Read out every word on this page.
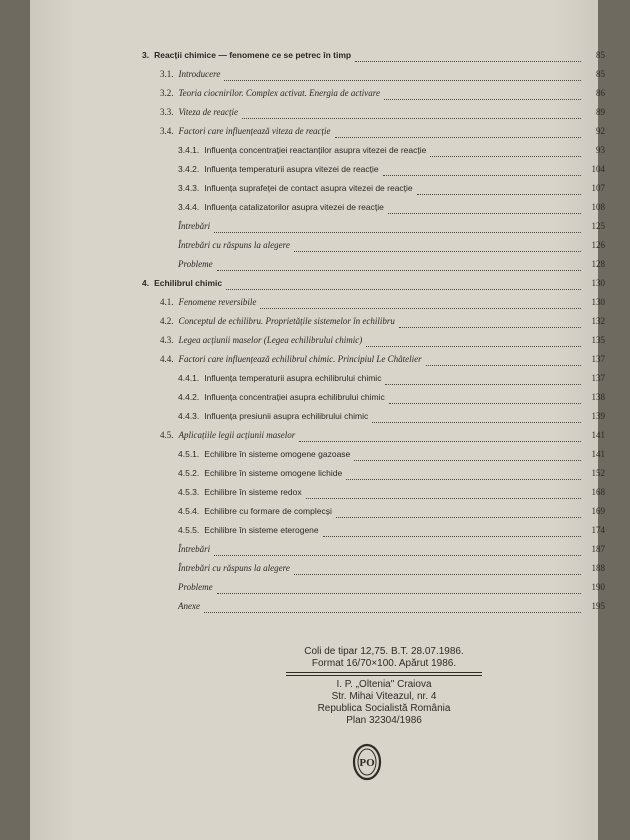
3. Reacții chimice — fenomene ce se petrec în timp	85
3.1. Introducere	85
3.2. Teoria ciocnirilor. Complex activat. Energia de activare	86
3.3. Viteza de reacție	89
3.4. Factori care influențează viteza de reacție	92
3.4.1. Influența concentrației reactanților asupra vitezei de reacție	93
3.4.2. Influența temperaturii asupra vitezei de reacție	104
3.4.3. Influența suprafeței de contact asupra vitezei de reacție	107
3.4.4. Influența catalizatorilor asupra vitezei de reacție	108
Întrebări	125
Întrebări cu răspuns la alegere	126
Probleme	128
4. Echilibrul chimic	130
4.1. Fenomene reversibile	130
4.2. Conceptul de echilibru. Proprietățile sistemelor în echilibru	132
4.3. Legea acțiunii maselor (Legea echilibrului chimic)	135
4.4. Factori care influențează echilibrul chimic. Principiul Le Châtelier	137
4.4.1. Influența temperaturii asupra echilibrului chimic	137
4.4.2. Influența concentrației asupra echilibrului chimic	138
4.4.3. Influența presiunii asupra echilibrului chimic	139
4.5. Aplicațiile legii acțiunii maselor	141
4.5.1. Echilibre în sisteme omogene gazoase	141
4.5.2. Echilibre în sisteme omogene lichide	152
4.5.3. Echilibre în sisteme redox	168
4.5.4. Echilibre cu formare de complecși	169
4.5.5. Echilibre în sisteme eterogene	174
Întrebări	187
Întrebări cu răspuns la alegere	188
Probleme	190
Anexe	195
Coli de tipar 12,75. B.T. 28.07.1986.
Format 16/70×100. Apărut 1986.
I. P. „Oltenia" Craiova
Str. Mihai Viteazul, nr. 4
Republica Socialistă România
Plan 32304/1986
PO
